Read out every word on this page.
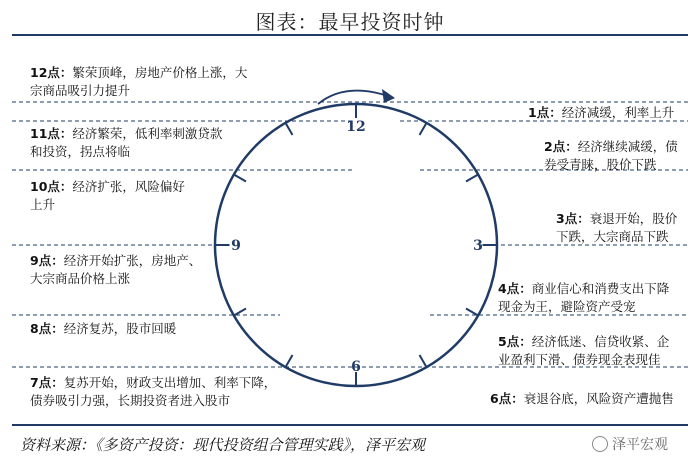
图表：最早投资时钟
12
3
6
9
12点：繁荣顶峰，房地产价格上涨，大
宗商品吸引力提升
11点：经济繁荣，低利率刺激贷款
和投资，拐点将临
10点：经济扩张，风险偏好
上升
9点：经济开始扩张，房地产、
大宗商品价格上涨
8点：经济复苏，股市回暖
7点：复苏开始，财政支出增加、利率下降，
债券吸引力强，长期投资者进入股市
1点：经济减缓，利率上升
2点：经济继续减缓，债
券受青睐，股价下跌
3点：衰退开始，股价
下跌，大宗商品下跌
4点：商业信心和消费支出下降
现金为王，避险资产受宠
5点：经济低迷、信贷收紧、企
业盈利下滑、债券现金表现佳
6点：衰退谷底，风险资产遭抛售
资料来源：《多资产投资：现代投资组合管理实践》，泽平宏观	泽平宏观
